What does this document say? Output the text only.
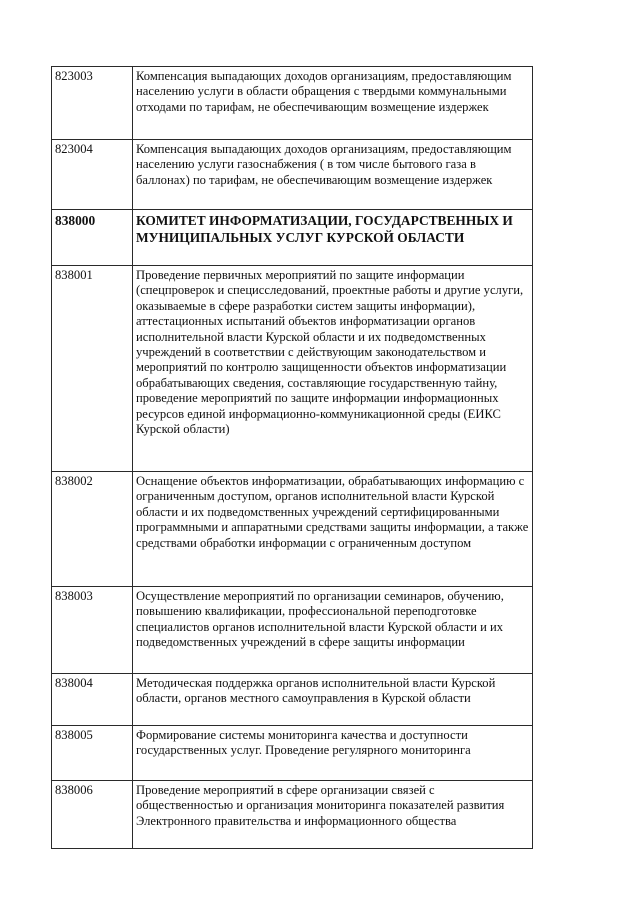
823003	Компенсация выпадающих доходов организациям, предоставляющим населению услуги в области обращения с твердыми коммунальными отходами по тарифам, не обеспечивающим возмещение издержек

823004	Компенсация выпадающих доходов организациям, предоставляющим населению услуги газоснабжения ( в том числе бытового газа в баллонах) по тарифам, не обеспечивающим возмещение издержек

838000	КОМИТЕТ ИНФОРМАТИЗАЦИИ, ГОСУДАРСТВЕННЫХ И МУНИЦИПАЛЬНЫХ УСЛУГ КУРСКОЙ ОБЛАСТИ

838001	Проведение первичных мероприятий по защите информации (спецпроверок и специсследований, проектные работы и другие услуги, оказываемые в сфере разработки систем защиты информации), аттестационных испытаний объектов информатизации органов исполнительной власти Курской области и их подведомственных учреждений в соответствии с действующим законодательством и мероприятий по контролю защищенности объектов информатизации обрабатывающих сведения, составляющие государственную тайну, проведение мероприятий по защите информации информационных ресурсов единой информационно-коммуникационной среды (ЕИКС Курской области)

838002	Оснащение объектов информатизации, обрабатывающих информацию с ограниченным доступом, органов исполнительной власти Курской области и их подведомственных учреждений сертифицированными программными и аппаратными средствами защиты информации, а также средствами обработки информации с ограниченным доступом

838003	Осуществление мероприятий по организации семинаров, обучению, повышению квалификации, профессиональной переподготовке специалистов органов исполнительной власти Курской области и их подведомственных учреждений в сфере защиты информации

838004	Методическая поддержка органов исполнительной власти Курской области, органов местного самоуправления в Курской области

838005	Формирование системы мониторинга качества и доступности государственных услуг. Проведение регулярного мониторинга

838006	Проведение мероприятий в сфере организации связей с общественностью и организация мониторинга показателей развития Электронного правительства и информационного общества
